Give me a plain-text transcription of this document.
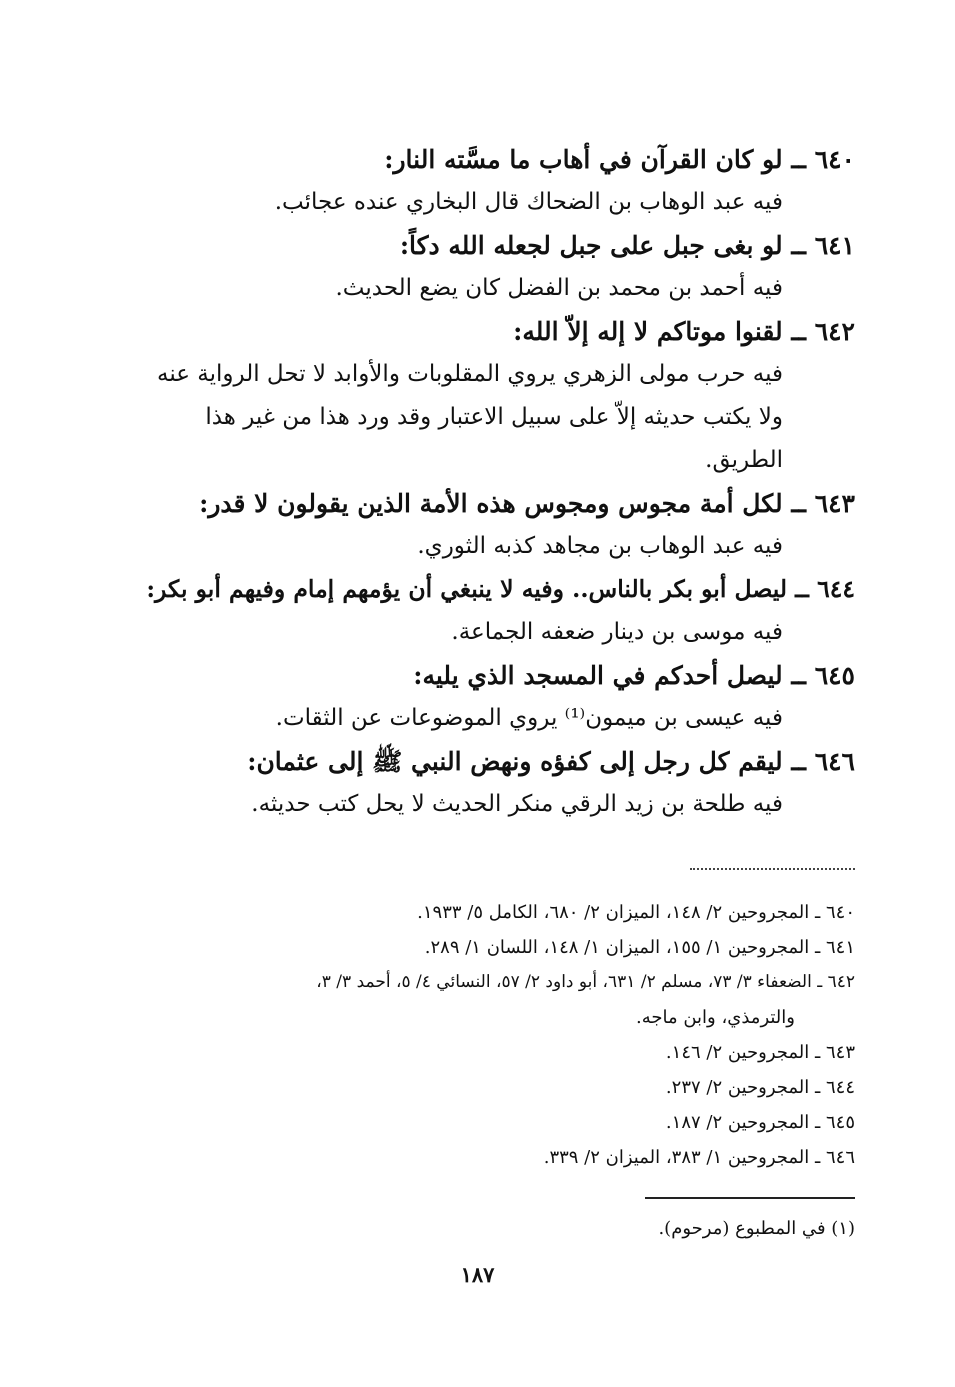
٦٤٠ ــ لو كان القرآن في أهاب ما مسَّته النار:
فيه عبد الوهاب بن الضحاك قال البخاري عنده عجائب.
٦٤١ ــ لو بغى جبل على جبل لجعله الله دكاً:
فيه أحمد بن محمد بن الفضل كان يضع الحديث.
٦٤٢ ــ لقنوا موتاكم لا إله إلاّ الله:
فيه حرب مولى الزهري يروي المقلوبات والأوابد لا تحل الرواية عنه
ولا يكتب حديثه إلاّ على سبيل الاعتبار وقد ورد هذا من غير هذا
الطريق.
٦٤٣ ــ لكل أمة مجوس ومجوس هذه الأمة الذين يقولون لا قدر:
فيه عبد الوهاب بن مجاهد كذبه الثوري.
٦٤٤ ــ ليصل أبو بكر بالناس.. وفيه لا ينبغي أن يؤمهم إمام وفيهم أبو بكر:
فيه موسى بن دينار ضعفه الجماعة.
٦٤٥ ــ ليصل أحدكم في المسجد الذي يليه:
فيه عيسى بن ميمون⁽¹⁾ يروي الموضوعات عن الثقات.
٦٤٦ ــ ليقم كل رجل إلى كفؤه ونهض النبي ﷺ إلى عثمان:
فيه طلحة بن زيد الرقي منكر الحديث لا يحل كتب حديثه.
٦٤٠ ـ المجروحين ٢/ ١٤٨، الميزان ٢/ ٦٨٠، الكامل ٥/ ١٩٣٣.
٦٤١ ـ المجروحين ١/ ١٥٥، الميزان ١/ ١٤٨، اللسان ١/ ٢٨٩.
٦٤٢ ـ الضعفاء ٣/ ٧٣، مسلم ٢/ ٦٣١، أبو داود ٢/ ٥٧، النسائي ٤/ ٥، أحمد ٣/ ٣،
والترمذي، وابن ماجه.
٦٤٣ ـ المجروحين ٢/ ١٤٦.
٦٤٤ ـ المجروحين ٢/ ٢٣٧.
٦٤٥ ـ المجروحين ٢/ ١٨٧.
٦٤٦ ـ المجروحين ١/ ٣٨٣، الميزان ٢/ ٣٣٩.
(١) في المطبوع (مرحوم).
١٨٧
